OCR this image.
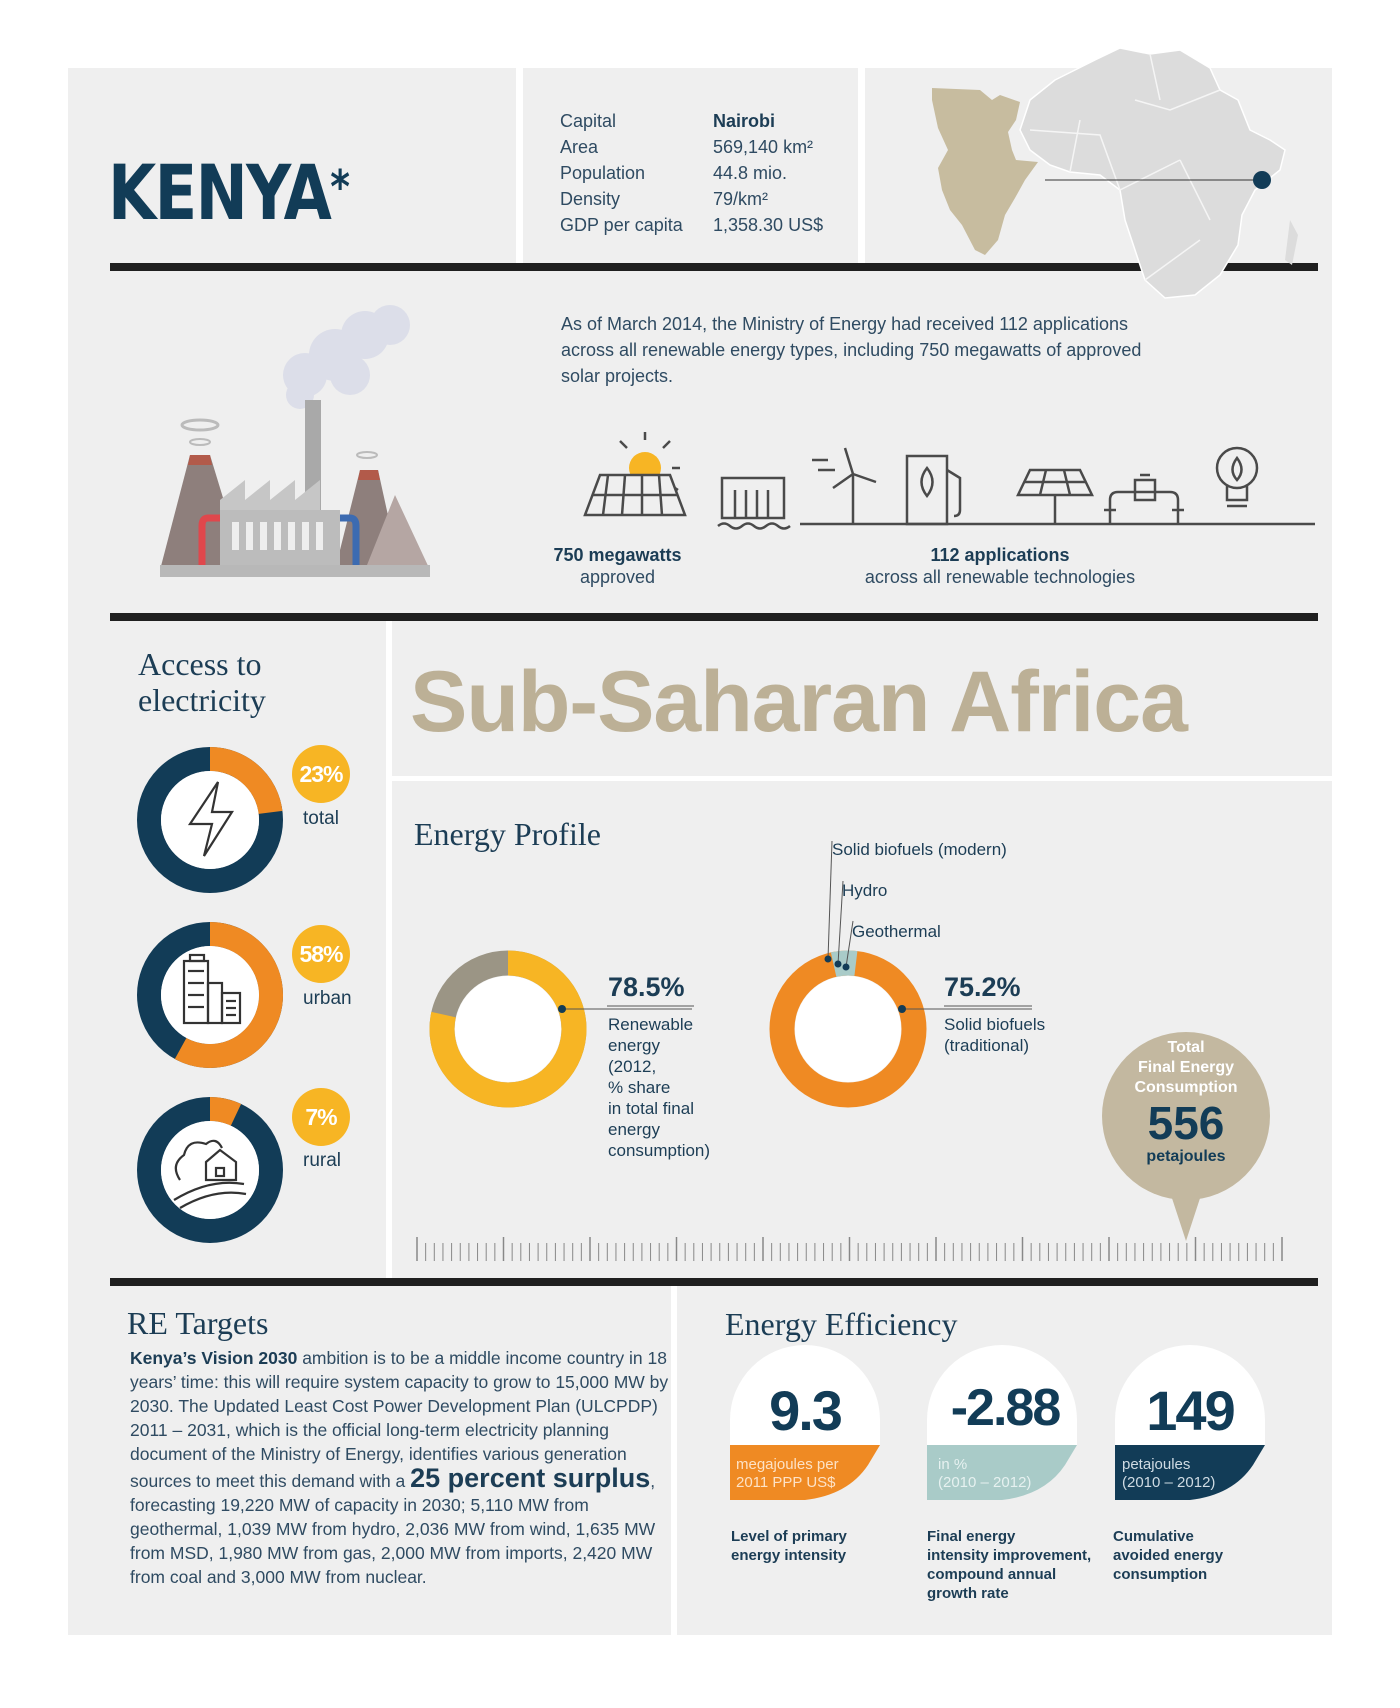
KENYA*
Capital	Nairobi
Area	569,140 km²
Population	44.8 mio.
Density	79/km²
GDP per capita	1,358.30 US$
As of March 2014, the Ministry of Energy had received 112 applications across all renewable energy types, including 750 megawatts of approved solar projects.
750 megawatts
approved
112 applications
across all renewable technologies
Access to
electricity
23%
total
58%
urban
7%
rural
Sub-Saharan Africa
Energy Profile
78.5%
Renewable
energy
(2012,
% share
in total final
energy
consumption)
75.2%
Solid biofuels
(traditional)
Solid biofuels (modern)
Hydro
Geothermal
Total
Final Energy
Consumption
556
petajoules
RE Targets
Kenya’s Vision 2030 ambition is to be a middle income country in 18 years’ time: this will require system capacity to grow to 15,000 MW by 2030. The Updated Least Cost Power Development Plan (ULCPDP) 2011 – 2031, which is the official long-term electricity planning document of the Ministry of Energy, identifies various generation sources to meet this demand with a 25 percent surplus, forecasting 19,220 MW of capacity in 2030; 5,110 MW from geothermal, 1,039 MW from hydro, 2,036 MW from wind, 1,635 MW from MSD, 1,980 MW from gas, 2,000 MW from imports, 2,420 MW from coal and 3,000 MW from nuclear.
Energy Efficiency
9.3
megajoules per
2011 PPP US$
Level of primary
energy intensity
-2.88
in %
(2010 – 2012)
Final energy
intensity improvement,
compound annual
growth rate
149
petajoules
(2010 – 2012)
Cumulative
avoided energy
consumption
